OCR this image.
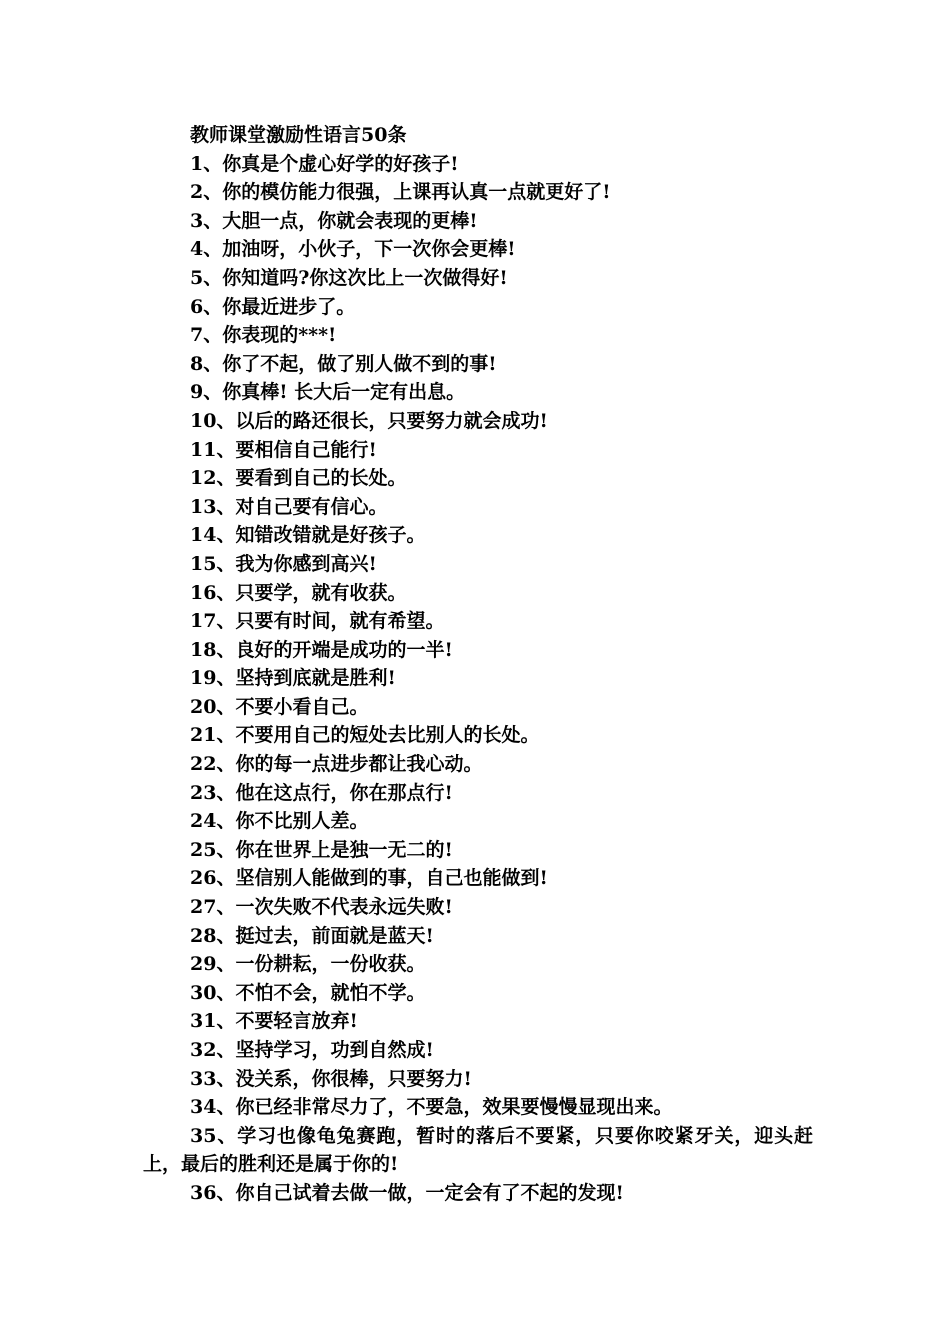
教师课堂激励性语言50条
1、你真是个虚心好学的好孩子!
2、你的模仿能力很强，上课再认真一点就更好了!
3、大胆一点，你就会表现的更棒!
4、加油呀，小伙子，下一次你会更棒!
5、你知道吗?你这次比上一次做得好!
6、你最近进步了。
7、你表现的***!
8、你了不起，做了别人做不到的事!
9、你真棒! 长大后一定有出息。
10、以后的路还很长，只要努力就会成功!
11、要相信自己能行!
12、要看到自己的长处。
13、对自己要有信心。
14、知错改错就是好孩子。
15、我为你感到高兴!
16、只要学，就有收获。
17、只要有时间，就有希望。
18、良好的开端是成功的一半!
19、坚持到底就是胜利!
20、不要小看自己。
21、不要用自己的短处去比别人的长处。
22、你的每一点进步都让我心动。
23、他在这点行，你在那点行!
24、你不比别人差。
25、你在世界上是独一无二的!
26、坚信别人能做到的事，自己也能做到!
27、一次失败不代表永远失败!
28、挺过去，前面就是蓝天!
29、一份耕耘，一份收获。
30、不怕不会，就怕不学。
31、不要轻言放弃!
32、坚持学习，功到自然成!
33、没关系，你很棒，只要努力!
34、你已经非常尽力了，不要急，效果要慢慢显现出来。
35、学习也像龟兔赛跑，暂时的落后不要紧，只要你咬紧牙关，迎头赶上，最后的胜利还是属于你的!
36、你自己试着去做一做，一定会有了不起的发现!
